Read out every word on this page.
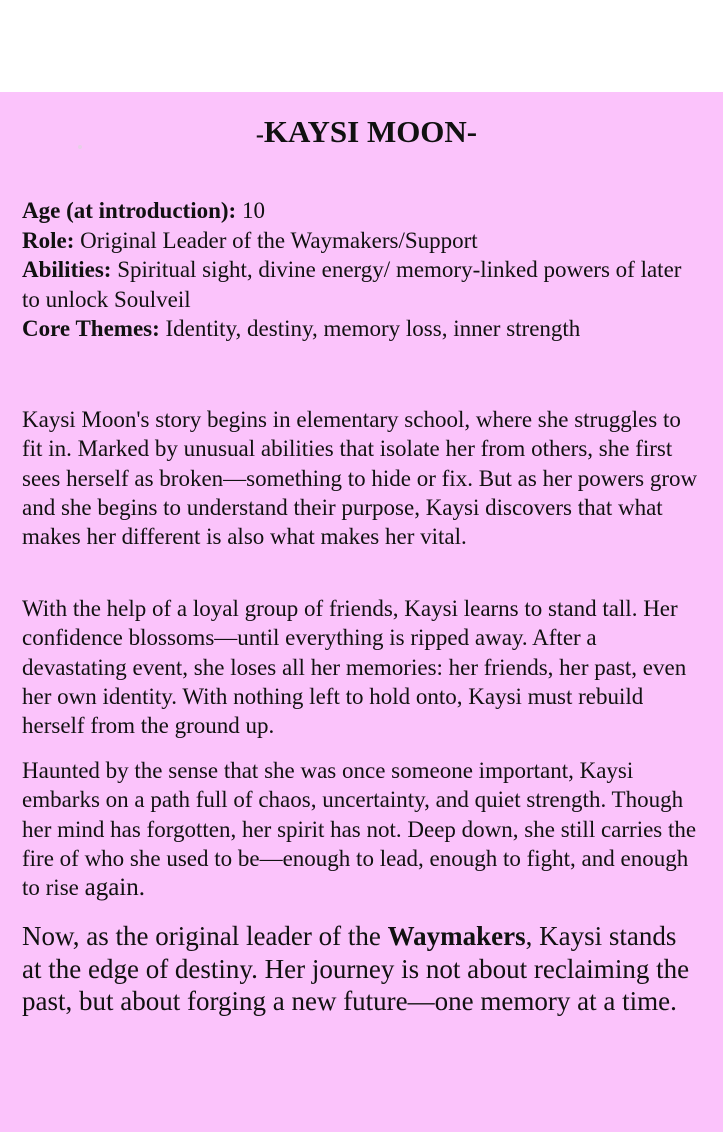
-KAYSI MOON-
Age (at introduction): 10
Role: Original Leader of the Waymakers/Support
Abilities: Spiritual sight, divine energy/ memory-linked powers of later to unlock Soulveil
Core Themes: Identity, destiny, memory loss, inner strength

Kaysi Moon's story begins in elementary school, where she struggles to fit in. Marked by unusual abilities that isolate her from others, she first sees herself as broken—something to hide or fix. But as her powers grow and she begins to understand their purpose, Kaysi discovers that what makes her different is also what makes her vital.

With the help of a loyal group of friends, Kaysi learns to stand tall. Her confidence blossoms—until everything is ripped away. After a devastating event, she loses all her memories: her friends, her past, even her own identity. With nothing left to hold onto, Kaysi must rebuild herself from the ground up.

Haunted by the sense that she was once someone important, Kaysi embarks on a path full of chaos, uncertainty, and quiet strength. Though her mind has forgotten, her spirit has not. Deep down, she still carries the fire of who she used to be—enough to lead, enough to fight, and enough to rise again.

Now, as the original leader of the Waymakers, Kaysi stands at the edge of destiny. Her journey is not about reclaiming the past, but about forging a new future—one memory at a time.
